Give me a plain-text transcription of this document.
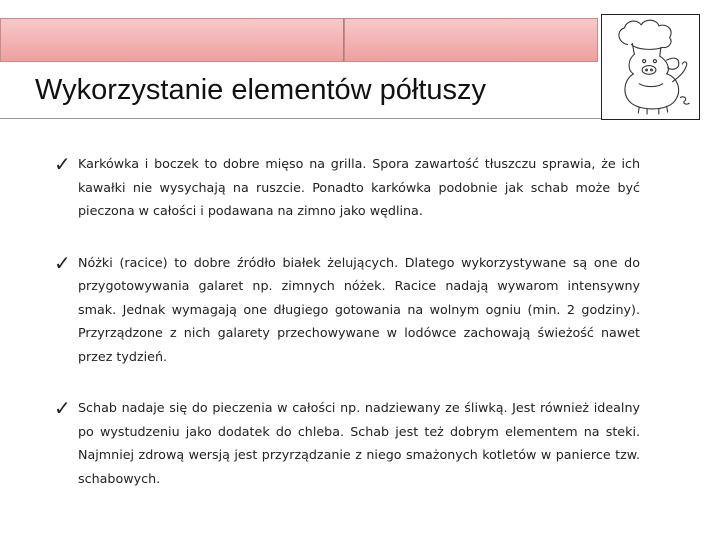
Wykorzystanie elementów półtuszy
✓ Karkówka i boczek to dobre mięso na grilla. Spora zawartość tłuszczu sprawia, że ich kawałki nie wysychają na ruszcie. Ponadto karkówka podobnie jak schab może być pieczona w całości i podawana na zimno jako wędlina.

✓ Nóżki (racice) to dobre źródło białek żelujących. Dlatego wykorzystywane są one do przygotowywania galaret np. zimnych nóżek. Racice nadają wywarom intensywny smak. Jednak wymagają one długiego gotowania na wolnym ogniu (min. 2 godziny). Przyrządzone z nich galarety przechowywane w lodówce zachowają świeżość nawet przez tydzień.

✓ Schab nadaje się do pieczenia w całości np. nadziewany ze śliwką. Jest również idealny po wystudzeniu jako dodatek do chleba. Schab jest też dobrym elementem na steki. Najmniej zdrową wersją jest przyrządzanie z niego smażonych kotletów w panierce tzw. schabowych.
